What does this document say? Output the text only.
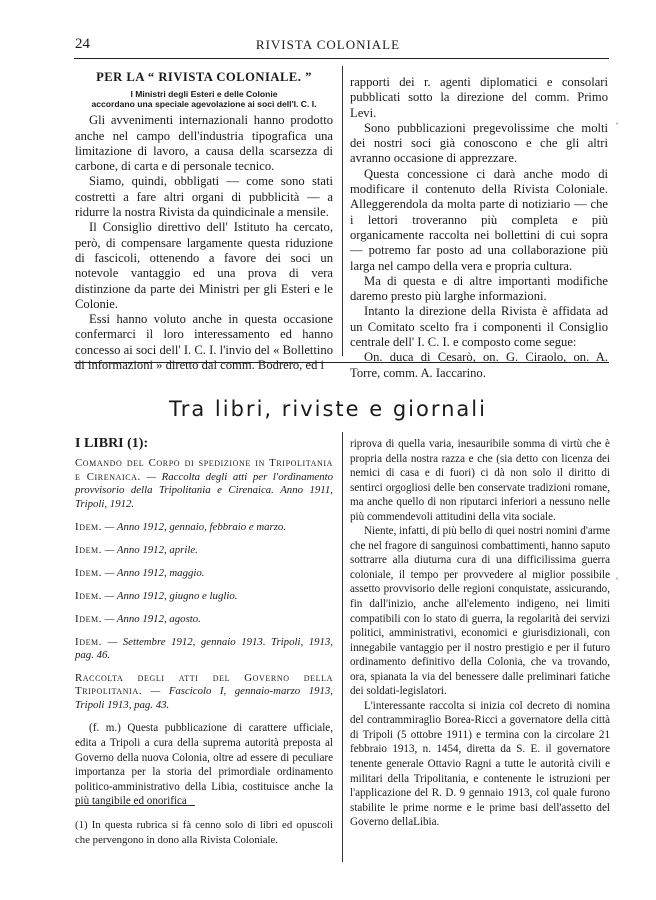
24	RIVISTA COLONIALE
PER LA “ RIVISTA COLONIALE. ”
I Ministri degli Esteri e delle Colonie
accordano una speciale agevolazione ai soci dell'I. C. I.

Gli avvenimenti internazionali hanno prodotto anche nel campo dell'industria tipografica una limitazione di lavoro, a causa della scarsezza di carbone, di carta e di personale tecnico.

Siamo, quindi, obbligati — come sono stati costretti a fare altri organi di pubblicità — a ridurre la nostra Rivista da quindicinale a mensile.

Il Consiglio direttivo dell' Istituto ha cercato, però, di compensare largamente questa riduzione di fascicoli, ottenendo a favore dei soci un notevole vantaggio ed una prova di vera distinzione da parte dei Ministri per gli Esteri e le Colonie.

Essi hanno voluto anche in questa occasione confermarci il loro interessamento ed hanno concesso ai soci dell' I. C. I. l'invio del « Bollettino di informazioni » diretto dal comm. Bodrero, ed i

rapporti dei r. agenti diplomatici e consolari pubblicati sotto la direzione del comm. Primo Levi.

Sono pubblicazioni pregevolissime che molti dei nostri soci già conoscono e che gli altri avranno occasione di apprezzare.

Questa concessione ci darà anche modo di modificare il contenuto della Rivista Coloniale. Alleggerendola da molta parte di notiziario — che i lettori troveranno più completa e più organicamente raccolta nei bollettini di cui sopra — potremo far posto ad una collaborazione più larga nel campo della vera e propria cultura.

Ma di questa e di altre importanti modifiche daremo presto più larghe informazioni.

Intanto la direzione della Rivista è affidata ad un Comitato scelto fra i componenti il Consiglio centrale dell' I. C. I. e composto come segue:

On. duca di Cesarò, on. G. Ciraolo, on. A. Torre, comm. A. Iaccarino.

Tra libri, riviste e giornali
I LIBRI (1):

Comando del Corpo di spedizione in Tripolitania e Cirenaica. — Raccolta degli atti per l'ordinamento provvisorio della Tripolitania e Cirenaica. Anno 1911, Tripoli, 1912.

Idem. — Anno 1912, gennaio, febbraio e marzo.

Idem. — Anno 1912, aprile.

Idem. — Anno 1912, maggio.

Idem. — Anno 1912, giugno e luglio.

Idem. — Anno 1912, agosto.

Idem. — Settembre 1912, gennaio 1913. Tripoli, 1913, pag. 46.

Raccolta degli atti del Governo della Tripolitania. — Fascicolo I, gennaio-marzo 1913, Tripoli 1913, pag. 43.

(f. m.) Questa pubblicazione di carattere ufficiale, edita a Tripoli a cura della suprema autorità preposta al Governo della nuova Colonia, oltre ad essere di peculiare importanza per la storia del primordiale ordinamento politico-amministrativo della Libia, costituisce anche la più tangibile ed onorifica

riprova di quella varia, inesauribile somma di virtù che è propria della nostra razza e che (sia detto con licenza dei nemici di casa e di fuori) ci dà non solo il diritto di sentirci orgogliosi delle ben conservate tradizioni romane, ma anche quello di non riputarci inferiori a nessuno nelle più commendevoli attitudini della vita sociale.

Niente, infatti, di più bello di quei nostri nomini d'arme che nel fragore di sanguinosi combattimenti, hanno saputo sottrarre alla diuturna cura di una difficilissima guerra coloniale, il tempo per provvedere al miglior possibile assetto provvisorio delle regioni conquistate, assicurando, fin dall'inizio, anche all'elemento indigeno, nei limiti compatibili con lo stato di guerra, la regolarità dei servizi politici, amministrativi, economici e giurisdizionali, con innegabile vantaggio per il nostro prestigio e per il futuro ordinamento definitivo della Colonia, che va trovando, ora, spianata la via del benessere dalle preliminari fatiche dei soldati-legislatori.

L'interessante raccolta si inizia col decreto di nomina del contrammiraglio Borea-Ricci a governatore della città di Tripoli (5 ottobre 1911) e termina con la circolare 21 febbraio 1913, n. 1454, diretta da S. E. il governatore tenente generale Ottavio Ragni a tutte le autorità civili e militari della Tripolitania, e contenente le istruzioni per l'applicazione del R. D. 9 gennaio 1913, col quale furono stabilite le prime norme e le prime basi dell'assetto del Governo dellaLibia.

(1) In questa rubrica si fà cenno solo di libri ed opuscoli che pervengono in dono alla Rivista Coloniale.
ˈ
ˈ
